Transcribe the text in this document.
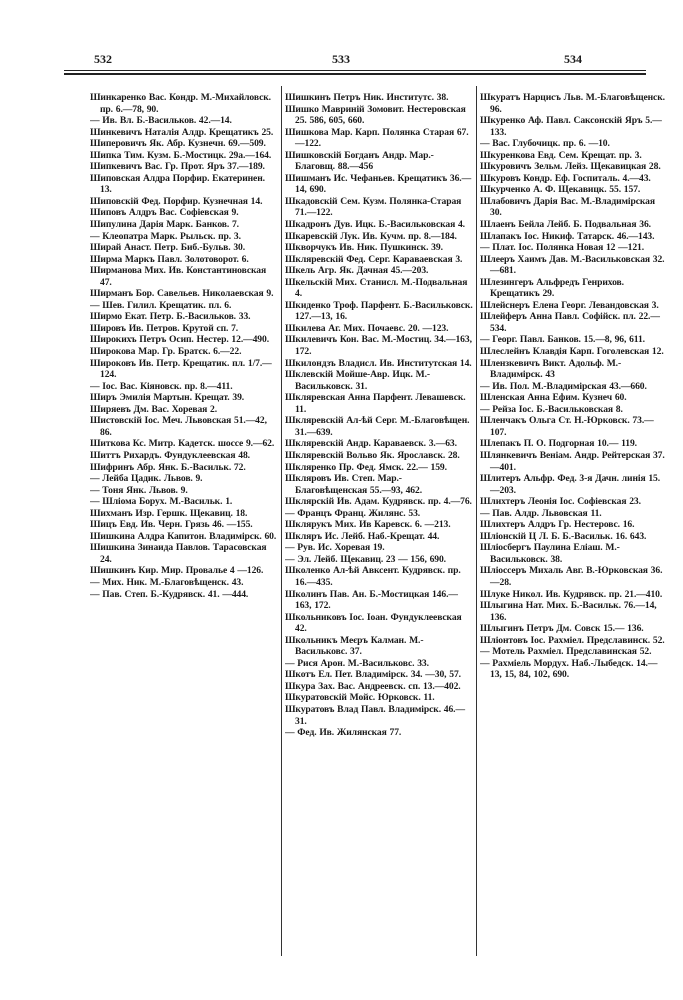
532	533	534
Шинкаренко Вас. Кондр. М.-Михайловск. пр. 6.—78, 90.
— Ив. Вл. Б.-Васильков. 42.—14.
Шинкевичъ Наталія Алдр. Крещатикъ 25.
Шиперовичъ Як. Абр. Кузнечн. 69.—509.
Шипка Тим. Кузм. Б.-Мостицк. 29а.—164.
Шипкевичъ Вас. Гр. Прот. Яръ 37.—189.
Шиповская Алдра Порфир. Екатеринен. 13.
Шиповскій Фед. Порфир. Кузнечная 14.
Шиповъ Алдръ Вас. Софіевская 9.
Шипулина Дарія Марк. Банков. 7.
— Клеопатра Марк. Рыльск. пр. 3.
Ширай Анаст. Петр. Биб.-Бульв. 30.
Ширма Маркъ Павл. Золотоворот. 6.
Ширманова Мих. Ив. Константиновская 47.
Ширманъ Бор. Савельев. Николаевская 9.
— Шев. Гилил. Крещатик. пл. 6.
Ширмо Екат. Петр. Б.-Васильков. 33.
Шировъ Ив. Петров. Крутой сп. 7.
Широкихъ Петръ Осип. Нестер. 12.—490.
Широкова Мар. Гр. Братск. 6.—22.
Широковъ Ив. Петр. Крещатик. пл. 1/7.—124.
— Іос. Вас. Кіяновск. пр. 8.—411.
Ширъ Эмилія Мартын. Крещат. 39.
Ширяевъ Дм. Вас. Хоревая 2.
Шистовскій Іос. Меч. Львовская 51.—42, 86.
Шиткова Кс. Митр. Кадетск. шоссе 9.—62.
Шиттъ Рихардъ. Фундуклеевская 48.
Шифринъ Абр. Янк. Б.-Васильк. 72.
— Лейба Цадик. Львов. 9.
— Тоня Янк. Львов. 9.
— Шлiома Борух. М.-Васильк. 1.
Шихманъ Изр. Гершк. Щекавиц. 18.
Шицъ Евд. Ив. Черн. Грязь 46. —155.
Шишкина Алдра Капитон. Владимірск. 60.
Шишкина Зинаида Павлов. Тарасовская 24.
Шишкинъ Кир. Мир. Провалье 4 —126.
— Мих. Ник. М.-Благовѣщенск. 43.
— Пав. Степ. Б.-Кудрявск. 41. —444.
Шишкинъ Петръ Ник. Институтс. 38.
Шишко Мавринiй Зомовит. Нестеровская 25. 586, 605, 660.
Шишкова Мар. Карп. Полянка Старая 67.—122.
Шишковскій Богданъ Андр. Мар.-Благовщ. 88.—456
Шишманъ Ис. Чефаньев. Крещатикъ 36.—14, 690.
Шкадовскій Сем. Кузм. Полянка-Старая 71.—122.
Шкадронъ Дув. Ицк. Б.-Васильковская 4.
Шкаревскій Лук. Ив. Кучм. пр. 8.—184.
Шкворчукъ Ив. Ник. Пушкинск. 39.
Шкляревскій Фед. Серг. Караваевская 3.
Шкель Агр. Як. Дачная 45.—203.
Шкельскій Мих. Станисл. М.-Подвальная 4.
Шкиденко Троф. Парфент. Б.-Васильковск. 127.—13, 16.
Шкилева Аг. Мих. Почаевс. 20. —123.
Шкилевичъ Кон. Вас. М.-Мостиц. 34.—163, 172.
Шкилондзъ Владисл. Ив. Институтская 14.
Шклевскій Мойше-Авр. Ицк. М.-Васильковск. 31.
Шкляревская Анна Парфент. Левашевск. 11.
Шкляревскій Ал-ѣй Серг. М.-Благовѣщен. 31.—639.
Шкляревскій Андр. Караваевск. 3.—63.
Шкляревскій Вольво Як. Ярославск. 28.
Шкляренко Пр. Фед. Ямск. 22.— 159.
Шкляровъ Ив. Степ. Мар.-Благовѣщенская 55.—93, 462.
Шклярскій Ив. Адам. Кудрявск. пр. 4.—76.
— Францъ Франц. Жилянс. 53.
Шклярукъ Мих. Ив Каревск. 6. —213.
Шкляръ Ис. Лейб. Наб.-Крещат. 44.
— Рув. Ис. Хоревая 19.
— Эл. Лейб. Щекавиц. 23 — 156, 690.
Школенко Ал-ѣй Авксент. Кудрявск. пр. 16.—435.
Школинъ Пав. Ан. Б.-Мостицкая 146.—163, 172.
Школьниковъ Іос. Іоан. Фундуклеевская 42.
Школьникъ Меєръ Калман. М.-Васильковс. 37.
— Рися Арон. М.-Васильковс. 33.
Шкотъ Ел. Пет. Владимірск. 34. —30, 57.
Шкура Зах. Вас. Андреевск. сп. 13.—402.
Шкуратовскій Мойс. Юрковск. 11.
Шкуратовъ Влад Павл. Владимірск. 46.—31.
— Фед. Ив. Жилянская 77.
Шкуратъ Нарцисъ Льв. М.-Благовѣщенск. 96.
Шкуренко Аф. Павл. Саксонскій Яръ 5.—133.
— Вас. Глубочицк. пр. 6. —10.
Шкуренкова Евд. Сем. Крещат. пр. 3.
Шкуровичъ Зельм. Лейз. Щекавицкая 28.
Шкуровъ Кондр. Еф. Госпиталь. 4.—43.
Шкурченко А. Ф. Щекавицк. 55. 157.
Шлабовичъ Дарія Вас. М.-Владимірская 30.
Шлаенъ Бейла Лейб. Б. Подвальная 36.
Шлапакъ Іос. Никиф. Татарск. 46.—143.
— Плат. Іос. Полянка Новая 12 —121.
Шлееръ Хаимъ Дав. М.-Васильковская 32.—681.
Шлезингеръ Альфредъ Генрихов. Крещатикъ 29.
Шлейснеръ Елена Георг. Левандовская 3.
Шлейферъ Анна Павл. Софійск. пл. 22.—534.
— Георг. Павл. Банков. 15.—8, 96, 611.
Шлеслейнъ Клавдія Карп. Гоголевская 12.
Шлензкевичъ Викт. Адольф. М.-Владимірск. 43
— Ив. Пол. М.-Владимірская 43.—660.
Шленская Анна Ефим. Кузнеч 60.
— Рейза Іос. Б.-Васильковская 8.
Шленчакъ Ольга Ст. Н.-Юрковск. 73.—107.
Шлепакъ П. О. Подгорная 10.— 119.
Шлянкевичъ Веніам. Андр. Рейтерская 37.—401.
Шлитеръ Альфр. Фед. 3-я Дачн. линія 15.—203.
Шлихтеръ Леонія Іос. Софіевская 23.
— Пав. Алдр. Львовская 11.
Шлихтеръ Алдръ Гр. Нестеровс. 16.
Шлiонскій Ц Л. Б. Б.-Васильк. 16. 643.
Шлiосбергъ Паулина Еліаш. М.-Васильковск. 38.
Шлiоссеръ Михаль Авг. В.-Юрковская 36.—28.
Шлуке Никол. Ив. Кудрявск. пр. 21.—410.
Шлыгина Нат. Мих. Б.-Васильк. 76.—14, 136.
Шлыгинъ Петръ Дм. Совск 15.— 136.
Шлiонтовъ Іос. Рахміел. Предславинск. 52.
— Мотель Рахміел. Предславинская 52.
— Рахміель Мордух. Наб.-Лыбедск. 14.—13, 15, 84, 102, 690.
